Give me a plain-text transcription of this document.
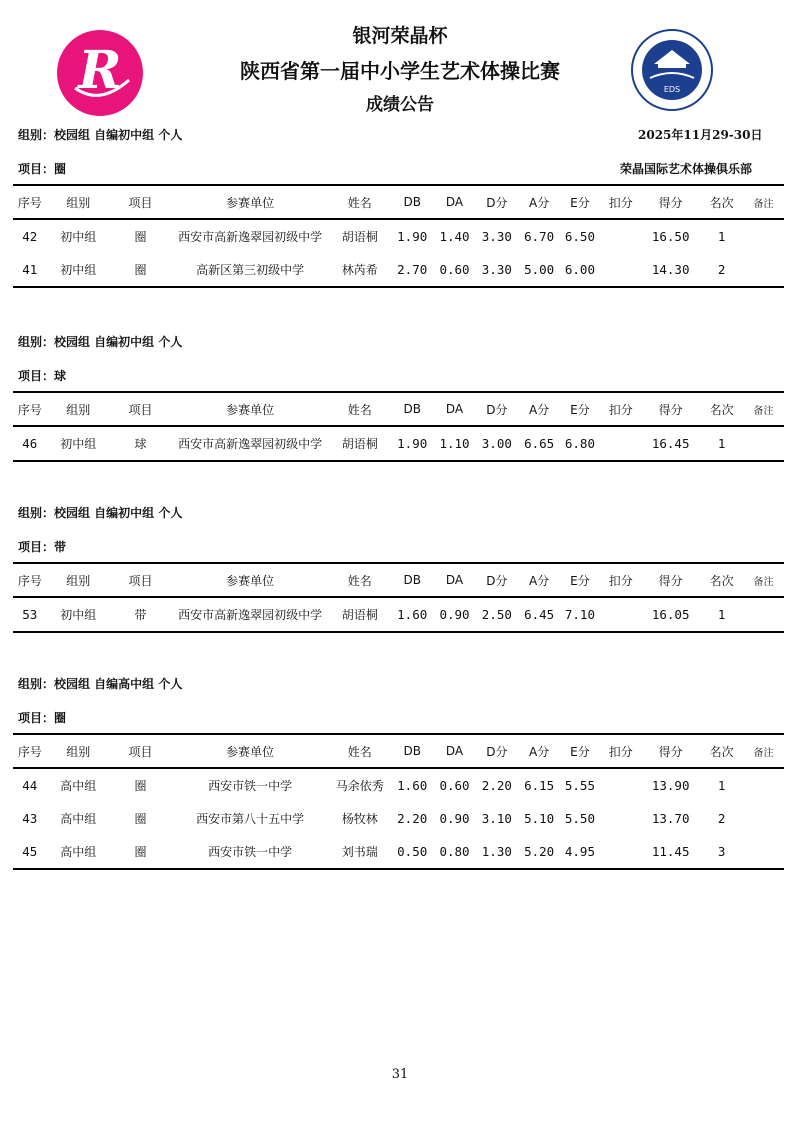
R	EDS
银河荣晶杯
陕西省第一届中小学生艺术体操比赛
成绩公告
组别：校园组 自编初中组 个人	2025年11月29-30日
项目：圈	荣晶国际艺术体操俱乐部
序号	组别	项目	参赛单位	姓名	DB	DA	D分	A分	E分	扣分	得分	名次	备注
42	初中组	圈	西安市高新逸翠园初级中学	胡语桐	1.90	1.40	3.30	6.70	6.50		16.50	1	
41	初中组	圈	高新区第三初级中学	林芮希	2.70	0.60	3.30	5.00	6.00		14.30	2	
组别：校园组 自编初中组 个人
项目：球
序号	组别	项目	参赛单位	姓名	DB	DA	D分	A分	E分	扣分	得分	名次	备注
46	初中组	球	西安市高新逸翠园初级中学	胡语桐	1.90	1.10	3.00	6.65	6.80		16.45	1	
组别：校园组 自编初中组 个人
项目：带
序号	组别	项目	参赛单位	姓名	DB	DA	D分	A分	E分	扣分	得分	名次	备注
53	初中组	带	西安市高新逸翠园初级中学	胡语桐	1.60	0.90	2.50	6.45	7.10		16.05	1	
组别：校园组 自编高中组 个人
项目：圈
序号	组别	项目	参赛单位	姓名	DB	DA	D分	A分	E分	扣分	得分	名次	备注
44	高中组	圈	西安市铁一中学	马余依秀	1.60	0.60	2.20	6.15	5.55		13.90	1	
43	高中组	圈	西安市第八十五中学	杨牧林	2.20	0.90	3.10	5.10	5.50		13.70	2	
45	高中组	圈	西安市铁一中学	刘书瑞	0.50	0.80	1.30	5.20	4.95		11.45	3	
31
